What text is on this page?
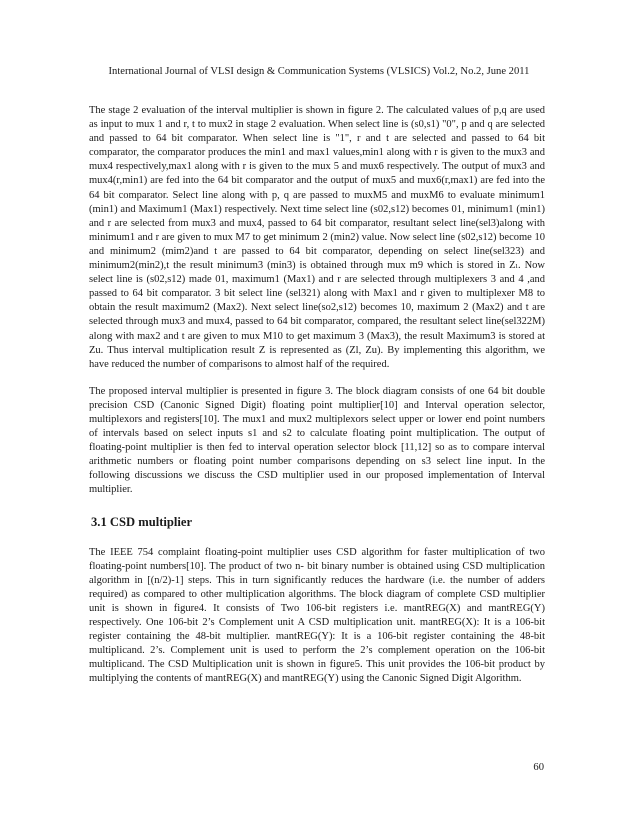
International Journal of VLSI design & Communication Systems (VLSICS) Vol.2, No.2, June 2011

The stage 2 evaluation of the interval multiplier is shown in figure 2. The calculated values of p,q are used as input to mux 1 and r, t to mux2 in stage 2 evaluation. When select line is (s0,s1) "0", p and q are selected and passed to 64 bit comparator. When select line is "1", r and t are selected and passed to 64 bit comparator, the comparator produces the min1 and max1 values,min1 along with r is given to the mux3 and mux4 respectively,max1 along with r is given to the mux 5 and mux6 respectively. The output of mux3 and mux4(r,min1) are fed into the 64 bit comparator and the output of mux5 and mux6(r,max1) are fed into the 64 bit comparator. Select line along with p, q are passed to muxM5 and muxM6 to evaluate minimum1 (min1) and Maximum1 (Max1) respectively. Next time select line (s02,s12) becomes 01, minimum1 (min1) and r are selected from mux3 and mux4, passed to 64 bit comparator, resultant select line(sel3)along with minimum1 and r are given to mux M7 to get minimum 2 (min2) value. Now select line (s02,s12) become 10 and minimum2 (mim2)and t are passed to 64 bit comparator, depending on select line(sel323) and minimum2(min2),t the result minimum3 (min3) is obtained through mux m9 which is stored in Zₗ. Now select line is (s02,s12) made 01, maximum1 (Max1) and r are selected through multiplexers 3 and 4 ,and passed to 64 bit comparator. 3 bit select line (sel321) along with Max1 and r given to multiplexer M8 to obtain the result maximum2 (Max2). Next select line(so2,s12) becomes 10, maximum 2 (Max2) and t are selected through mux3 and mux4, passed to 64 bit comparator, compared, the resultant select line(sel322M) along with max2 and t are given to mux M10 to get maximum 3 (Max3), the result Maximum3 is stored at Zu. Thus interval multiplication result Z is represented as (Zl, Zu). By implementing this algorithm, we have reduced the number of comparisons to almost half of the required.

The proposed interval multiplier is presented in figure 3. The block diagram consists of one 64 bit double precision CSD (Canonic Signed Digit) floating point multiplier[10] and Interval operation selector, multiplexors and registers[10]. The mux1 and mux2 multiplexors select upper or lower end point numbers of intervals based on select inputs s1 and s2 to calculate floating point multiplication. The output of floating-point multiplier is then fed to interval operation selector block [11,12] so as to compare interval arithmetic numbers or floating point number comparisons depending on s3 select line input. In the following discussions we discuss the CSD multiplier used in our proposed implementation of Interval multiplier.

3.1 CSD multiplier

The IEEE 754 complaint floating-point multiplier uses CSD algorithm for faster multiplication of two floating-point numbers[10]. The product of two n- bit binary number is obtained using CSD multiplication algorithm in [(n/2)-1] steps. This in turn significantly reduces the hardware (i.e. the number of adders required) as compared to other multiplication algorithms. The block diagram of complete CSD multiplier unit is shown in figure4. It consists of Two 106-bit registers i.e. mantREG(X) and mantREG(Y) respectively. One 106-bit 2’s Complement unit A CSD multiplication unit. mantREG(X): It is a 106-bit register containing the 48-bit multiplier. mantREG(Y): It is a 106-bit register containing the 48-bit multiplicand. 2’s. Complement unit is used to perform the 2’s complement operation on the 106-bit multiplicand. The CSD Multiplication unit is shown in figure5. This unit provides the 106-bit product by multiplying the contents of mantREG(X) and mantREG(Y) using the Canonic Signed Digit Algorithm.

60
